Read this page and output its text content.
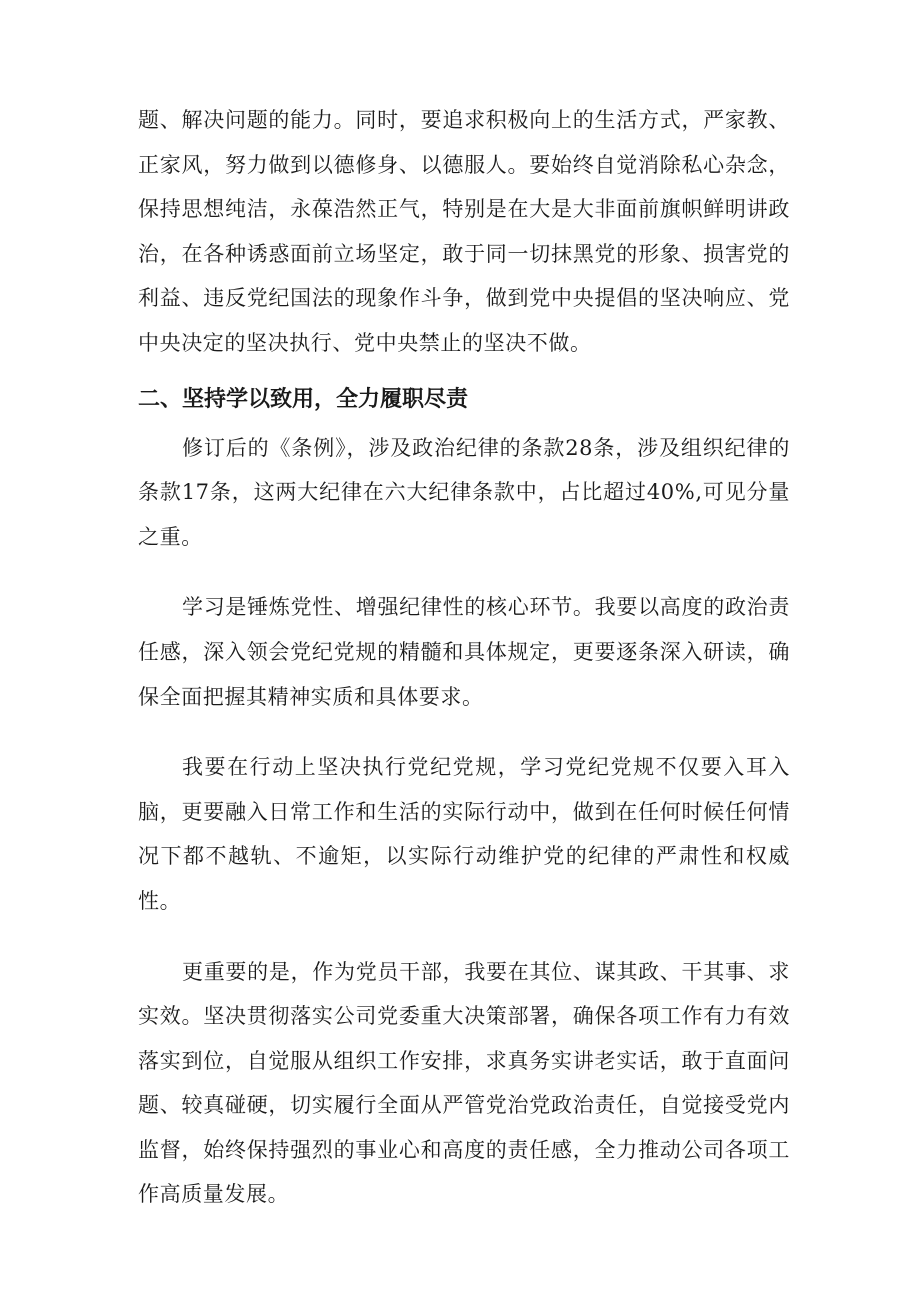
题、解决问题的能力。同时，要追求积极向上的生活方式，严家教、正家风，努力做到以德修身、以德服人。要始终自觉消除私心杂念，保持思想纯洁，永葆浩然正气，特别是在大是大非面前旗帜鲜明讲政治，在各种诱惑面前立场坚定，敢于同一切抹黑党的形象、损害党的利益、违反党纪国法的现象作斗争，做到党中央提倡的坚决响应、党中央决定的坚决执行、党中央禁止的坚决不做。

二、坚持学以致用，全力履职尽责

修订后的《条例》，涉及政治纪律的条款28条，涉及组织纪律的条款17条，这两大纪律在六大纪律条款中，占比超过40%,可见分量之重。

学习是锤炼党性、增强纪律性的核心环节。我要以高度的政治责任感，深入领会党纪党规的精髓和具体规定，更要逐条深入研读，确保全面把握其精神实质和具体要求。

我要在行动上坚决执行党纪党规，学习党纪党规不仅要入耳入脑，更要融入日常工作和生活的实际行动中，做到在任何时候任何情况下都不越轨、不逾矩，以实际行动维护党的纪律的严肃性和权威性。

更重要的是，作为党员干部，我要在其位、谋其政、干其事、求实效。坚决贯彻落实公司党委重大决策部署，确保各项工作有力有效落实到位，自觉服从组织工作安排，求真务实讲老实话，敢于直面问题、较真碰硬，切实履行全面从严管党治党政治责任，自觉接受党内监督，始终保持强烈的事业心和高度的责任感，全力推动公司各项工作高质量发展。
